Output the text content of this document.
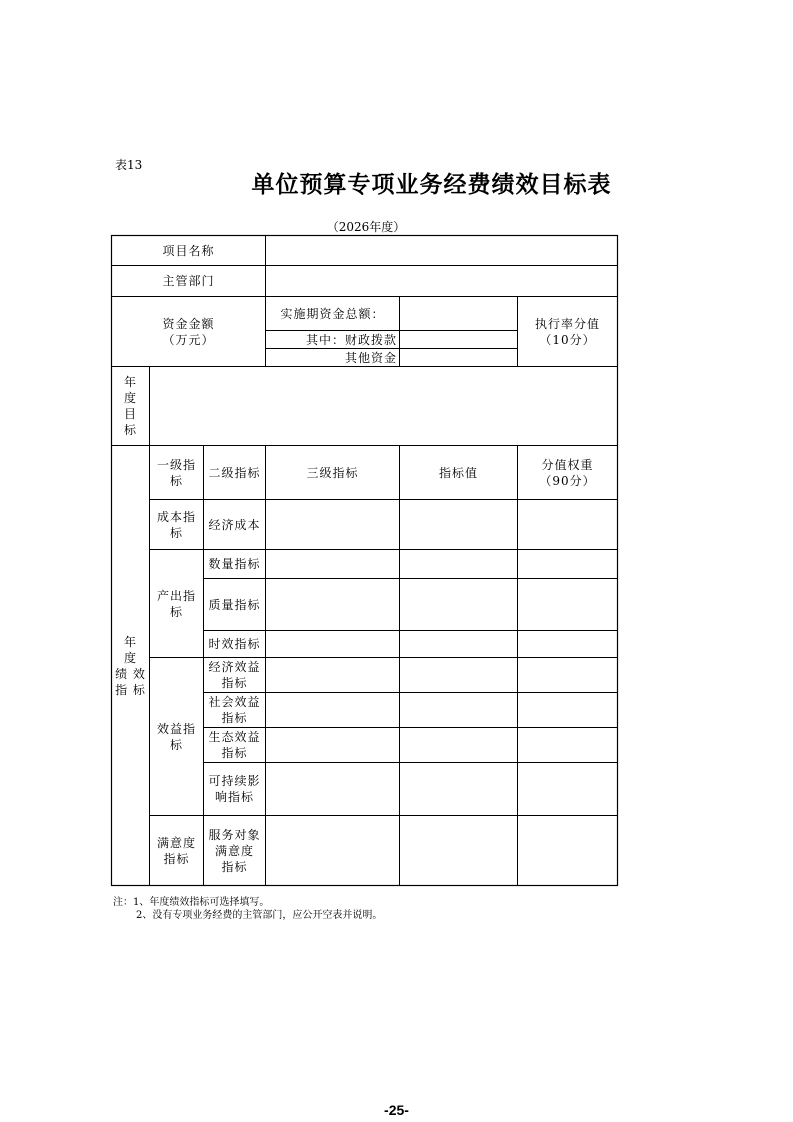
表13
单位预算专项业务经费绩效目标表
（2026年度）
项目名称
主管部门
资金金额
（万元）
实施期资金总额：
其中：财政拨款
其他资金
执行率分值
（10分）
年　度
目　标
年　度
绩 效
指 标
一级指
标
二级指标	三级指标	指标值
分值权重
（90分）
成本指
标
经济成本
产出指
标
数量指标
质量指标
时效指标
效益指
标
经济效益
指标
社会效益
指标
生态效益
指标
可持续影
响指标
满意度
指标
服务对象
满意度
指标
注：1、年度绩效指标可选择填写。
2、没有专项业务经费的主管部门，应公开空表并说明。
-25-
